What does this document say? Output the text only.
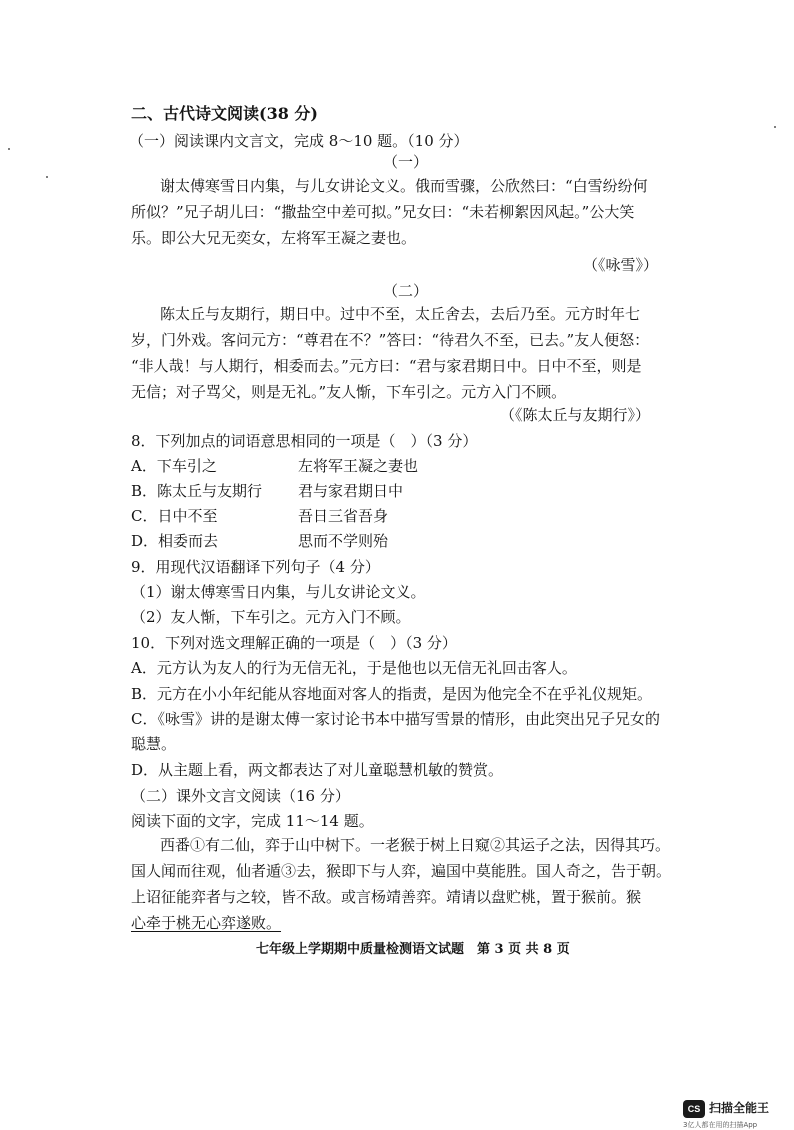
二、古代诗文阅读(38 分)
（一）阅读课内文言文，完成 8～10 题。（10 分）
（一）
谢太傅寒雪日内集，与儿女讲论文义。俄而雪骤，公欣然曰：“白雪纷纷何
所似？”兄子胡儿曰：“撒盐空中差可拟。”兄女曰：“未若柳絮因风起。”公大笑
乐。即公大兄无奕女，左将军王凝之妻也。
（《咏雪》）
（二）
陈太丘与友期行，期日中。过中不至，太丘舍去，去后乃至。元方时年七
岁，门外戏。客问元方：“尊君在不？”答曰：“待君久不至，已去。”友人便怒：
“非人哉！与人期行，相委而去。”元方曰：“君与家君期日中。日中不至，则是
无信；对子骂父，则是无礼。”友人惭，下车引之。元方入门不顾。
（《陈太丘与友期行》）
8．下列加点的词语意思相同的一项是（　）（3 分）
A．下车引之	左将军王凝之妻也
B．陈太丘与友期行 君与家君期日中
C．日中不至	吾日三省吾身
D．相委而去	思而不学则殆
9．用现代汉语翻译下列句子（4 分）
（1）谢太傅寒雪日内集，与儿女讲论文义。
（2）友人惭，下车引之。元方入门不顾。
10．下列对选文理解正确的一项是（　）（3 分）
A．元方认为友人的行为无信无礼，于是他也以无信无礼回击客人。
B．元方在小小年纪能从容地面对客人的指责，是因为他完全不在乎礼仪规矩。
C．《咏雪》讲的是谢太傅一家讨论书本中描写雪景的情形，由此突出兄子兄女的
聪慧。
D．从主题上看，两文都表达了对儿童聪慧机敏的赞赏。
（二）课外文言文阅读（16 分）
阅读下面的文字，完成 11～14 题。
西番①有二仙，弈于山中树下。一老猴于树上日窥②其运子之法，因得其巧。
国人闻而往观，仙者遁③去，猴即下与人弈，遍国中莫能胜。国人奇之，告于朝。
上诏征能弈者与之较，皆不敌。或言杨靖善弈。靖请以盘贮桃，置于猴前。猴
心牵于桃无心弈遂败。
七年级上学期期中质量检测语文试题　第 3 页 共 8 页
CS 扫描全能王
3亿人都在用的扫描App
